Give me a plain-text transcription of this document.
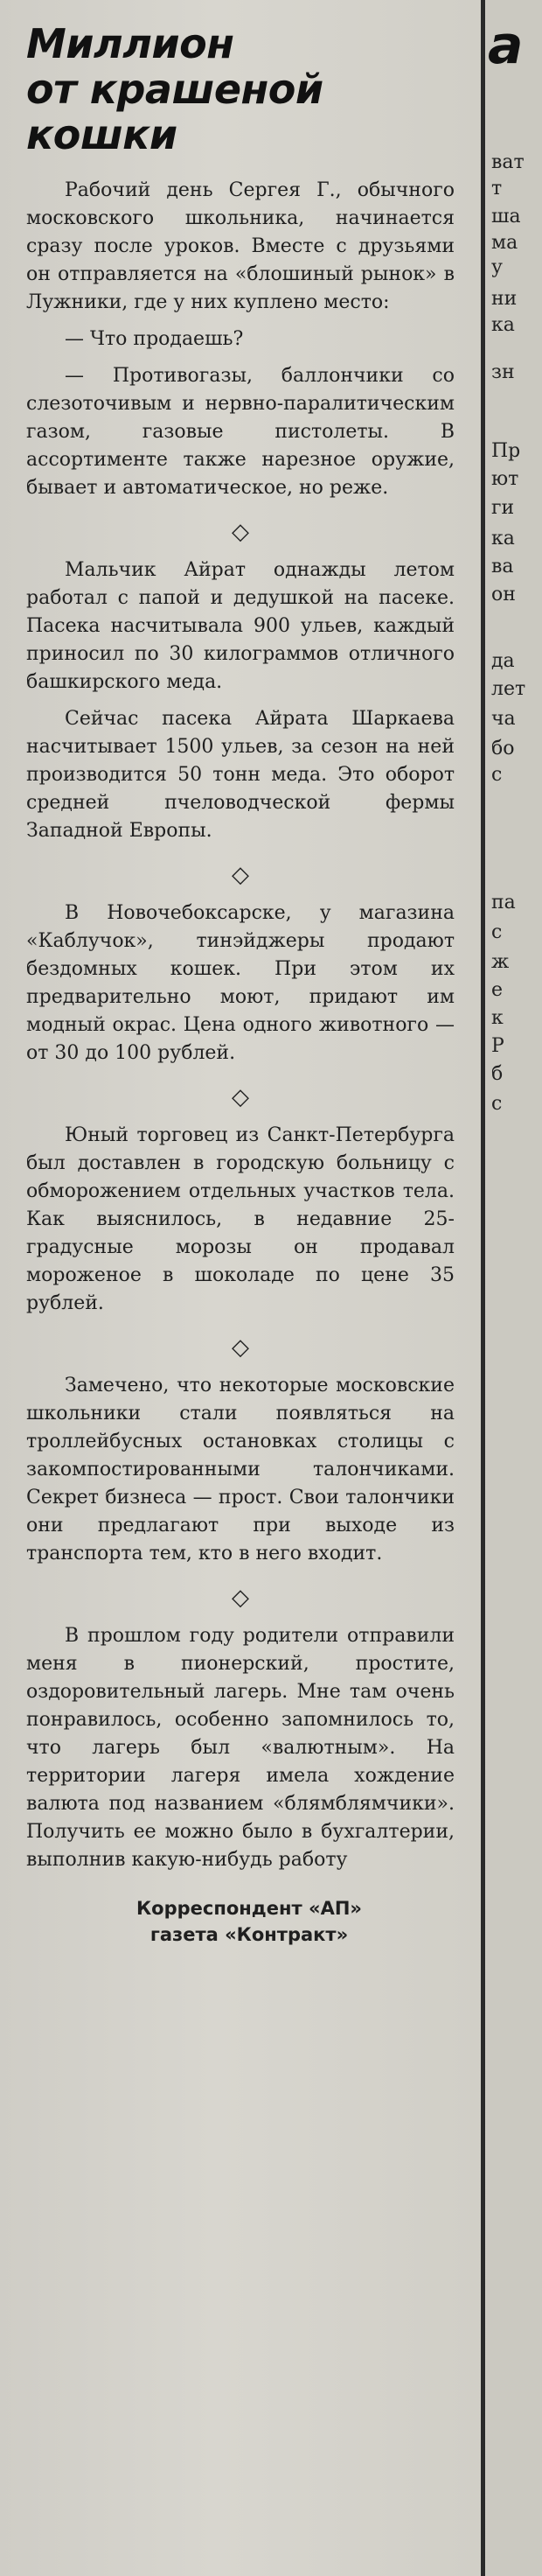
Миллион
от крашеной
кошки

Рабочий день Сергея Г., обычного московского школьника, начинается сразу после уроков. Вместе с друзьями он отправляется на «блошиный рынок» в Лужники, где у них куплено место:

— Что продаешь?

— Противогазы, баллончики со слезоточивым и нервно-паралитическим газом, газовые пистолеты. В ассортименте также нарезное оружие, бывает и автоматическое, но реже.

◇

Мальчик Айрат однажды летом работал с папой и дедушкой на пасеке. Пасека насчитывала 900 ульев, каждый приносил по 30 килограммов отличного башкирского меда.

Сейчас пасека Айрата Шаркаева насчитывает 1500 ульев, за сезон на ней производится 50 тонн меда. Это оборот средней пчеловодческой фермы Западной Европы.

◇

В Новочебоксарске, у магазина «Каблучок», тинэйджеры продают бездомных кошек. При этом их предварительно моют, придают им модный окрас. Цена одного животного — от 30 до 100 рублей.

◇

Юный торговец из Санкт-Петербурга был доставлен в городскую больницу с обморожением отдельных участков тела. Как выяснилось, в недавние 25-градусные морозы он продавал мороженое в шоколаде по цене 35 рублей.

◇

Замечено, что некоторые московские школьники стали появляться на троллейбусных остановках столицы с закомпостированными талончиками. Секрет бизнеса — прост. Свои талончики они предлагают при выходе из транспорта тем, кто в него входит.

◇

В прошлом году родители отправили меня в пионерский, простите, оздоровительный лагерь. Мне там очень понравилось, особенно запомнилось то, что лагерь был «валютным». На территории лагеря имела хождение валюта под названием «блямблямчики». Получить ее можно было в бухгалтерии, выполнив какую-нибудь работу

Корреспондент «АП»
газета «Контракт»
а
ват
т
ша
ма
у
ни
ка
зн
Пр
ют
ги
ка
ва
он
да
лет
ча
бо
с
па
с
ж
е
к
Р
б
с
